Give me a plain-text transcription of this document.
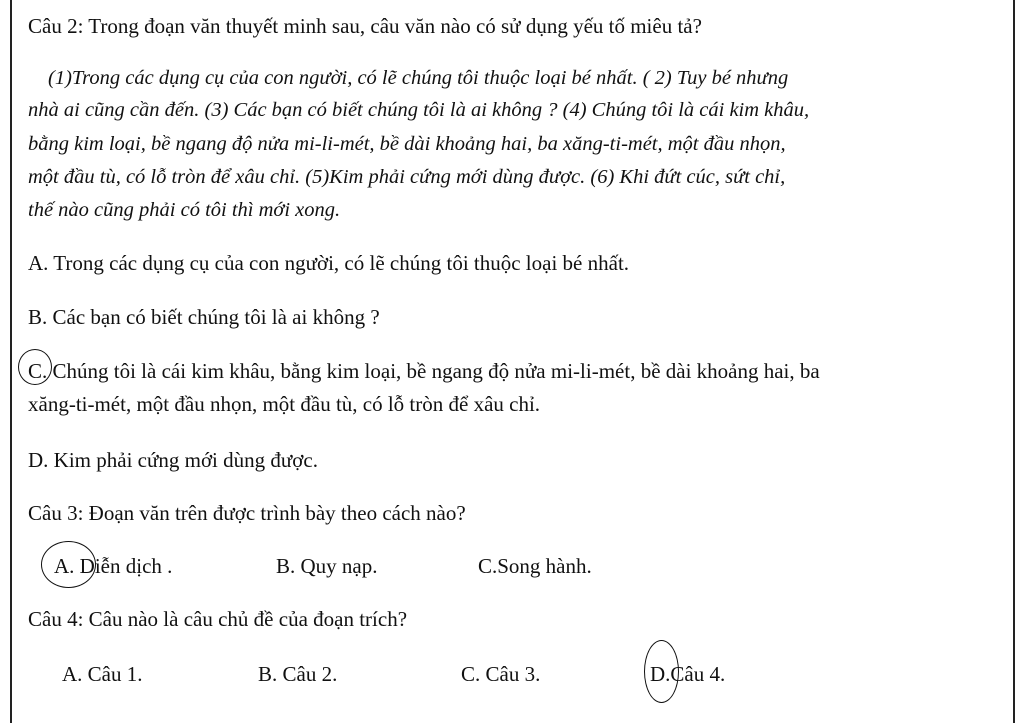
Câu 2: Trong đoạn văn thuyết minh sau, câu văn nào có sử dụng yếu tố miêu tả?
(1)Trong các dụng cụ của con người, có lẽ chúng tôi thuộc loại bé nhất. ( 2) Tuy bé nhưng
nhà ai cũng cần đến. (3) Các bạn có biết chúng tôi là ai không ? (4) Chúng tôi là cái kim khâu,
bằng kim loại, bề ngang độ nửa mi-li-mét, bề dài khoảng hai, ba xăng-ti-mét, một đầu nhọn,
một đầu tù, có lỗ tròn để xâu chỉ. (5)Kim phải cứng mới dùng được. (6) Khi đứt cúc, sứt chỉ,
thế nào cũng phải có tôi thì mới xong.
A. Trong các dụng cụ của con người, có lẽ chúng tôi thuộc loại bé nhất.
B. Các bạn có biết chúng tôi là ai không ?
C. Chúng tôi là cái kim khâu, bằng kim loại, bề ngang độ nửa mi-li-mét, bề dài khoảng hai, ba
xăng-ti-mét, một đầu nhọn, một đầu tù, có lỗ tròn để xâu chỉ.
D. Kim phải cứng mới dùng được.
Câu 3: Đoạn văn trên được trình bày theo cách nào?
A. Diễn dịch .	B. Quy nạp.	C.Song hành.
Câu 4: Câu nào là câu chủ đề của đoạn trích?
A. Câu 1.	B. Câu 2.	C. Câu 3.	D.Câu 4.
